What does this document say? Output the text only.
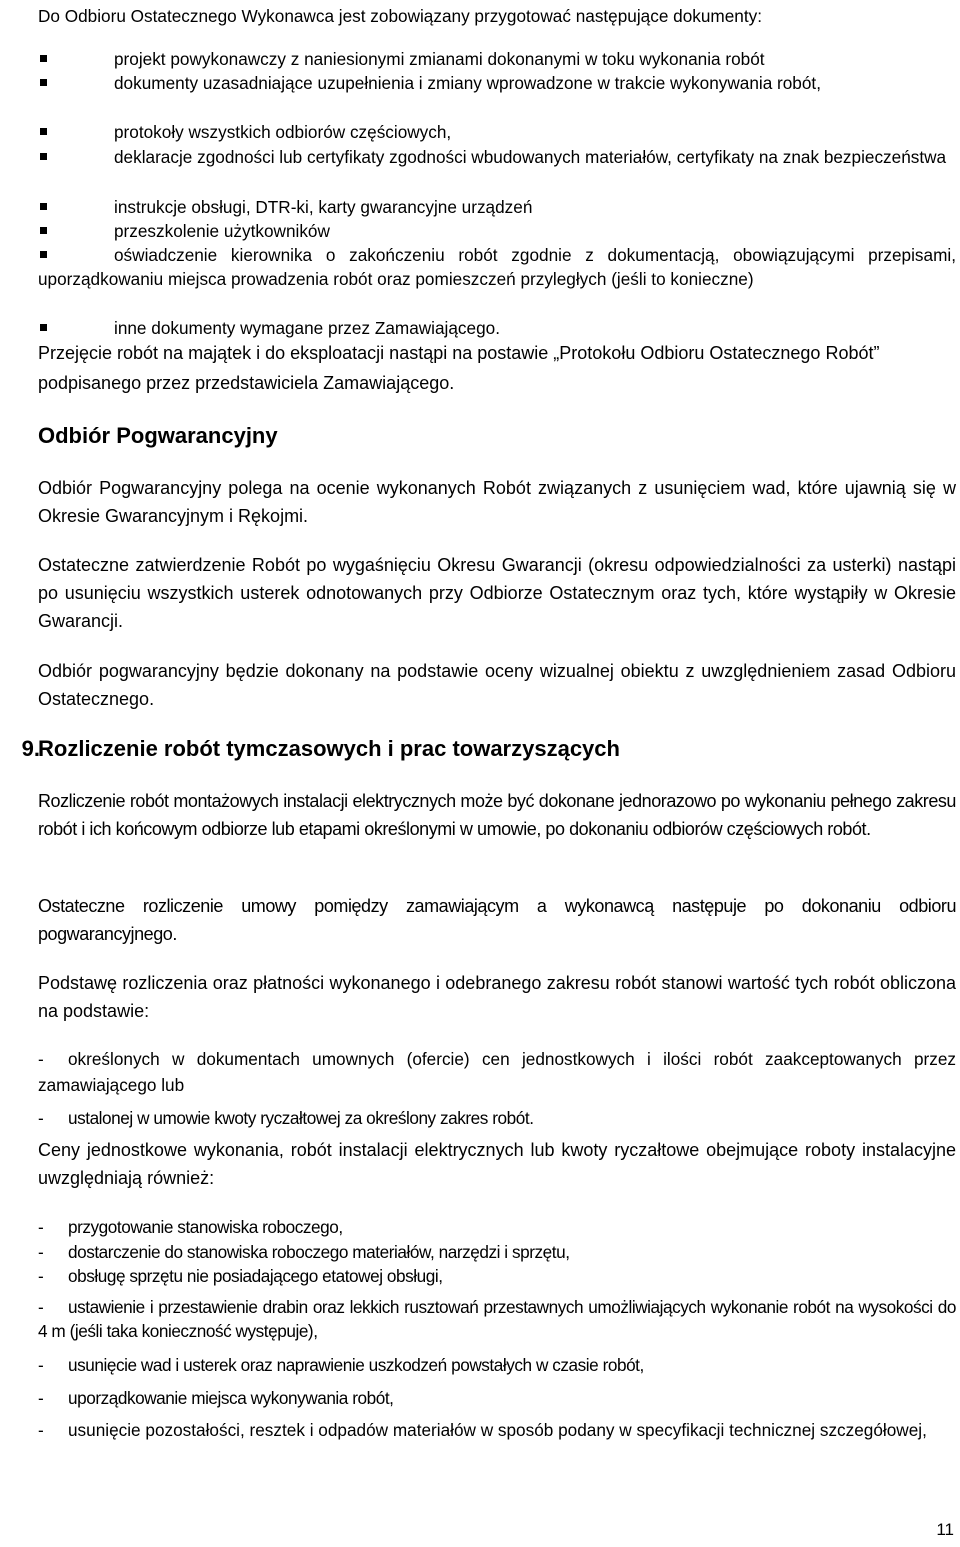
Do Odbioru Ostatecznego Wykonawca jest zobowiązany przygotować następujące dokumenty:
projekt powykonawczy z naniesionymi zmianami dokonanymi w toku wykonania robót
dokumenty uzasadniające uzupełnienia i zmiany wprowadzone w trakcie wykonywania robót,
protokoły wszystkich odbiorów częściowych,
deklaracje zgodności lub certyfikaty zgodności wbudowanych materiałów, certyfikaty na znak bezpieczeństwa
instrukcje obsługi, DTR-ki, karty gwarancyjne urządzeń
przeszkolenie użytkowników
oświadczenie kierownika o zakończeniu robót zgodnie z dokumentacją, obowiązującymi przepisami, uporządkowaniu miejsca prowadzenia robót oraz pomieszczeń przyległych (jeśli to konieczne)
inne dokumenty wymagane przez Zamawiającego.
Przejęcie robót na majątek i do eksploatacji nastąpi na postawie „Protokołu Odbioru Ostatecznego Robót” podpisanego przez przedstawiciela Zamawiającego.
Odbiór Pogwarancyjny
Odbiór Pogwarancyjny polega na ocenie wykonanych Robót związanych z usunięciem wad, które ujawnią się w Okresie Gwarancyjnym i Rękojmi.
Ostateczne zatwierdzenie Robót po wygaśnięciu Okresu Gwarancji (okresu odpowiedzialności za usterki) nastąpi po usunięciu wszystkich usterek odnotowanych przy Odbiorze Ostatecznym oraz tych, które wystąpiły w Okresie Gwarancji.
Odbiór pogwarancyjny będzie dokonany na podstawie oceny wizualnej obiektu z uwzględnieniem zasad Odbioru Ostatecznego.
9.
Rozliczenie robót tymczasowych i prac towarzyszących
Rozliczenie robót montażowych instalacji elektrycznych może być dokonane jednorazowo po wykonaniu pełnego zakresu robót i ich końcowym odbiorze lub etapami określonymi w umowie, po dokonaniu odbiorów częściowych robót.
Ostateczne rozliczenie umowy pomiędzy zamawiającym a wykonawcą następuje po dokonaniu odbioru pogwarancyjnego.
Podstawę rozliczenia oraz płatności wykonanego i odebranego zakresu robót stanowi wartość tych robót obliczona na podstawie:
-	określonych w dokumentach umownych (ofercie) cen jednostkowych i ilości robót zaakceptowanych przez zamawiającego lub
-	ustalonej w umowie kwoty ryczałtowej za określony zakres robót.
Ceny jednostkowe wykonania, robót instalacji elektrycznych lub kwoty ryczałtowe obejmujące roboty instalacyjne uwzględniają również:
-	przygotowanie stanowiska roboczego,
-	dostarczenie do stanowiska roboczego materiałów, narzędzi i sprzętu,
-	obsługę sprzętu nie posiadającego etatowej obsługi,
-	ustawienie i przestawienie drabin oraz lekkich rusztowań przestawnych umożliwiających wykonanie robót na wysokości do 4 m (jeśli taka konieczność występuje),
-	usunięcie wad i usterek oraz naprawienie uszkodzeń powstałych w czasie robót,
-	uporządkowanie miejsca wykonywania robót,
-	usunięcie pozostałości, resztek i odpadów materiałów w sposób podany w specyfikacji technicznej szczegółowej,
11
